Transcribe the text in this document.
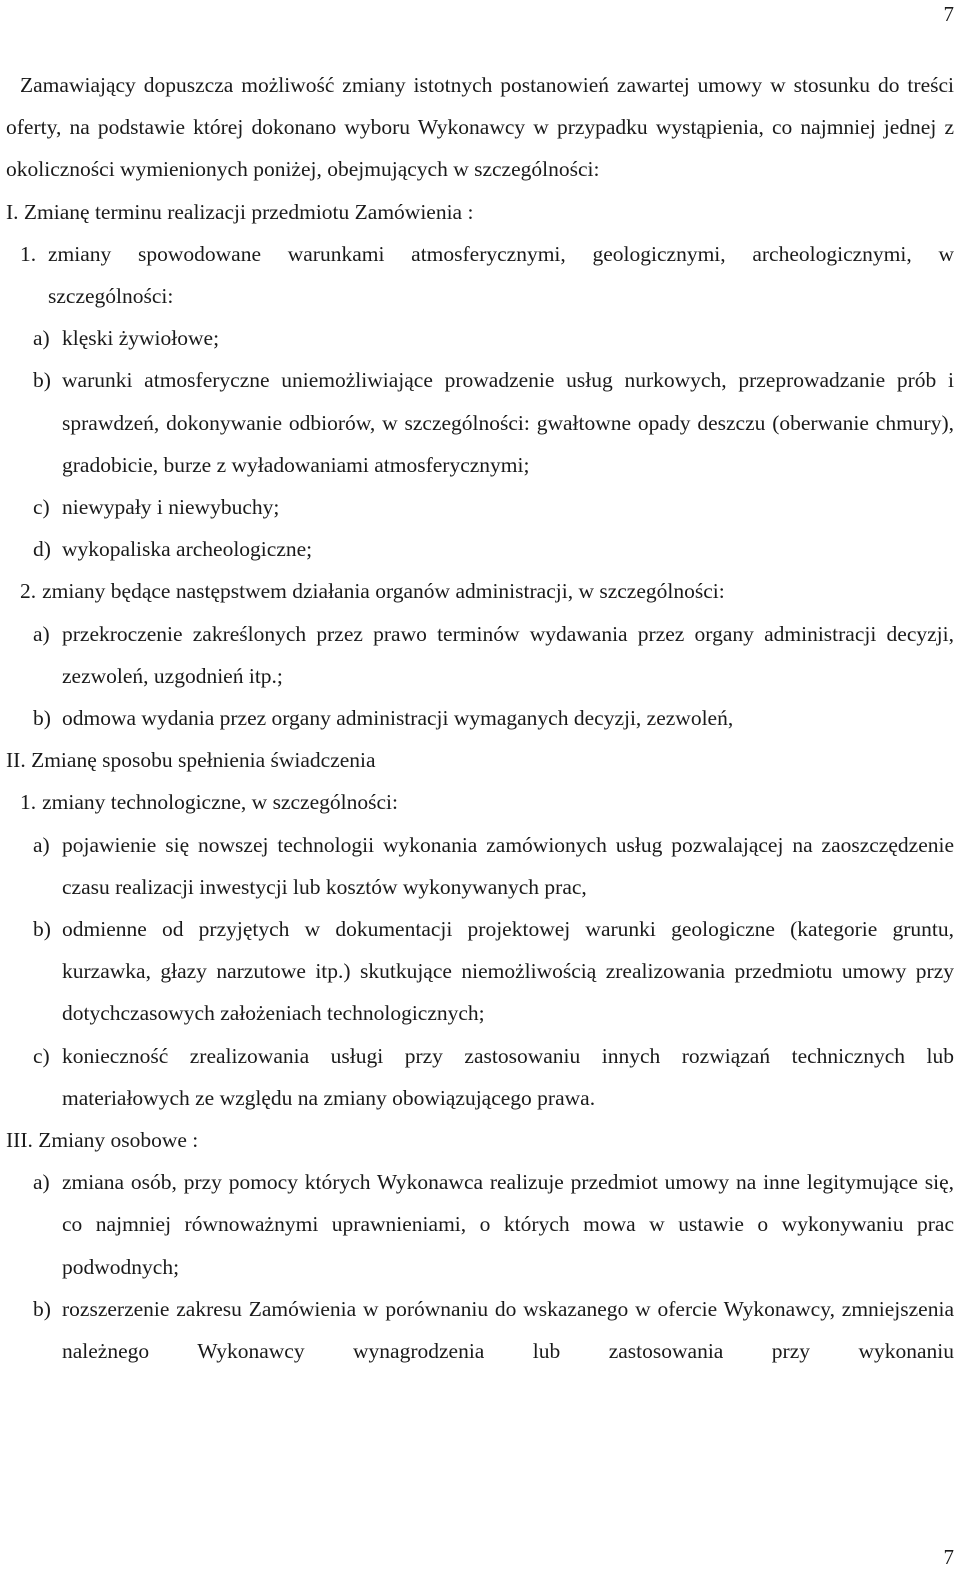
7

Zamawiający dopuszcza możliwość zmiany istotnych postanowień zawartej umowy w stosunku do treści oferty, na podstawie której dokonano wyboru Wykonawcy w przypadku wystąpienia, co najmniej jednej z okoliczności wymienionych poniżej, obejmujących w szczególności:

I. Zmianę terminu realizacji przedmiotu Zamówienia :

1. zmiany spowodowane warunkami atmosferycznymi, geologicznymi, archeologicznymi, w szczególności:
a) klęski żywiołowe;
b) warunki atmosferyczne uniemożliwiające prowadzenie usług nurkowych, przeprowadzanie prób i sprawdzeń, dokonywanie odbiorów, w szczególności: gwałtowne opady deszczu (oberwanie chmury), gradobicie, burze z wyładowaniami atmosferycznymi;
c) niewypały i niewybuchy;
d) wykopaliska archeologiczne;
2. zmiany będące następstwem działania organów administracji, w szczególności:
a) przekroczenie zakreślonych przez prawo terminów wydawania przez organy administracji decyzji, zezwoleń, uzgodnień itp.;
b) odmowa wydania przez organy administracji wymaganych decyzji, zezwoleń,

II. Zmianę sposobu spełnienia świadczenia

1. zmiany technologiczne, w szczególności:
a) pojawienie się nowszej technologii wykonania zamówionych usług pozwalającej na zaoszczędzenie czasu realizacji inwestycji lub kosztów wykonywanych prac,
b) odmienne od przyjętych w dokumentacji projektowej warunki geologiczne (kategorie gruntu, kurzawka, głazy narzutowe itp.) skutkujące niemożliwością zrealizowania przedmiotu umowy przy dotychczasowych założeniach technologicznych;
c) konieczność zrealizowania usługi przy zastosowaniu innych rozwiązań technicznych lub materiałowych ze względu na zmiany obowiązującego prawa.

III. Zmiany osobowe :

a) zmiana osób, przy pomocy których Wykonawca realizuje przedmiot umowy na inne legitymujące się, co najmniej równoważnymi uprawnieniami, o których mowa w ustawie o wykonywaniu prac podwodnych;
b) rozszerzenie zakresu Zamówienia w porównaniu do wskazanego w ofercie Wykonawcy, zmniejszenia należnego Wykonawcy wynagrodzenia lub zastosowania przy wykonaniu
7
